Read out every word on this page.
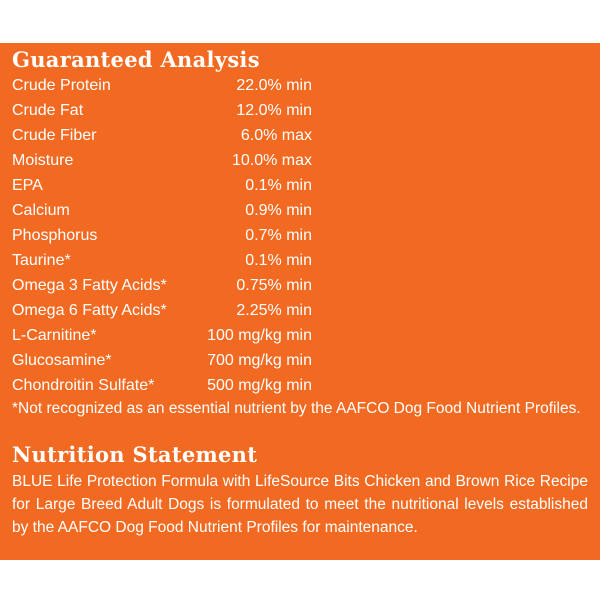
Guaranteed Analysis
Crude Protein	22.0% min
Crude Fat	12.0% min
Crude Fiber	6.0% max
Moisture	10.0% max
EPA	0.1% min
Calcium	0.9% min
Phosphorus	0.7% min
Taurine*	0.1% min
Omega 3 Fatty Acids*	0.75% min
Omega 6 Fatty Acids*	2.25% min
L-Carnitine*	100 mg/kg min
Glucosamine*	700 mg/kg min
Chondroitin Sulfate*	500 mg/kg min
*Not recognized as an essential nutrient by the AAFCO Dog Food Nutrient Profiles.
Nutrition Statement
BLUE Life Protection Formula with LifeSource Bits Chicken and Brown Rice Recipe for Large Breed Adult Dogs is formulated to meet the nutritional levels established by the AAFCO Dog Food Nutrient Profiles for maintenance.
